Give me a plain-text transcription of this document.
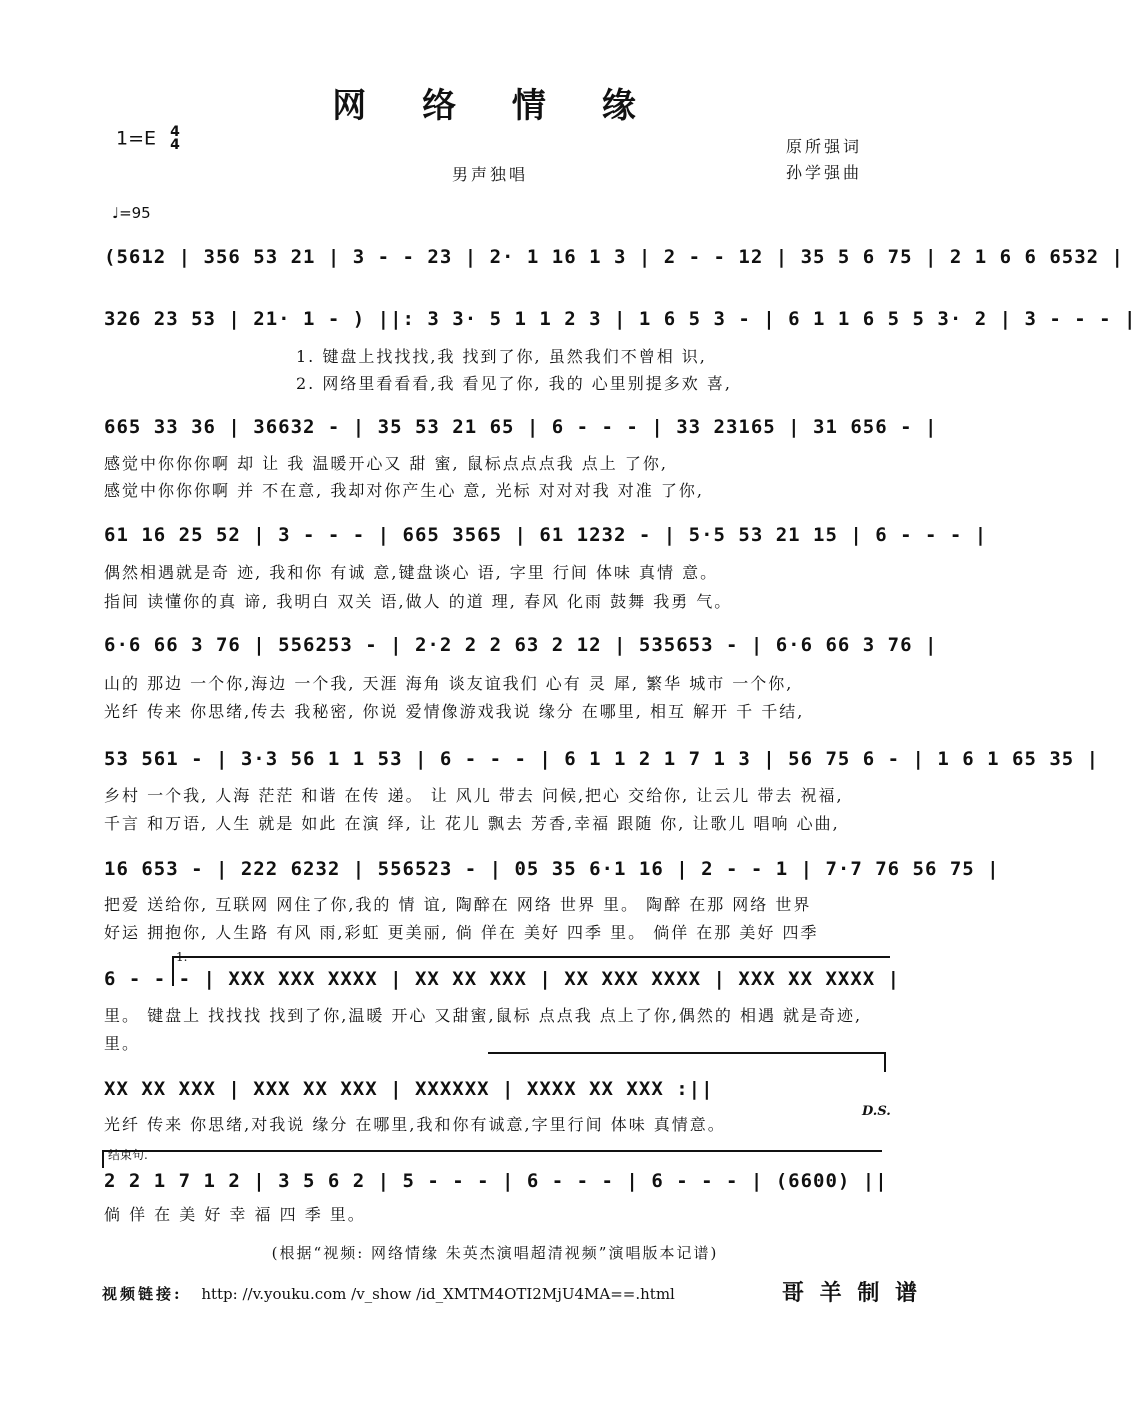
网 络 情 缘
1=E 4
4	原所强词
孙学强曲
男声独唱
♩=95
(5612 | 356 53 21 | 3 - - 23 | 2· 1 16 1 3 | 2 - - 12 | 35 5 6 75 | 2 1 6 6 6532 |
326 23 53 | 21· 1 - ) ||: 3 3· 5 1 1 2 3 | 1 6 5 3 - | 6 1 1 6 5 5 3· 2 | 3 - - - |
1. 键盘上找找找,我 找到了你, 虽然我们不曾相 识,
2. 网络里看看看,我 看见了你, 我的 心里别提多欢 喜,
665 33 36 | 36632 - | 35 53 21 65 | 6 - - - | 33 23165 | 31 656 - |
感觉中你你你啊 却 让 我 温暖开心又 甜 蜜, 鼠标点点点我 点上 了你,
感觉中你你你啊 并 不在意, 我却对你产生心 意, 光标 对对对我 对准 了你,
61 16 25 52 | 3 - - - | 665 3565 | 61 1232 - | 5·5 53 21 15 | 6 - - - |
偶然相遇就是奇 迹, 我和你 有诚 意,键盘谈心 语, 字里 行间 体味 真情 意。
指间 读懂你的真 谛, 我明白 双关 语,做人 的道 理, 春风 化雨 鼓舞 我勇 气。
6·6 66 3 76 | 556253 - | 2·2 2 2 63 2 12 | 535653 - | 6·6 66 3 76 |
山的 那边 一个你,海边 一个我, 天涯 海角 谈友谊我们 心有 灵 犀, 繁华 城市 一个你,
光纤 传来 你思绪,传去 我秘密, 你说 爱情像游戏我说 缘分 在哪里, 相互 解开 千 千结,
53 561 - | 3·3 56 1 1 53 | 6 - - - | 6 1 1 2 1 7 1 3 | 56 75 6 - | 1 6 1 65 35 |
乡村 一个我, 人海 茫茫 和谐 在传 递。 让 风儿 带去 问候,把心 交给你, 让云儿 带去 祝福,
千言 和万语, 人生 就是 如此 在演 绎, 让 花儿 飘去 芳香,幸福 跟随 你, 让歌儿 唱响 心曲,
16 653 - | 222 6232 | 556523 - | 05 35 6·1 16 | 2 - - 1 | 7·7 76 56 75 |
把爱 送给你, 互联网 网住了你,我的 情 谊, 陶醉在 网络 世界 里。 陶醉 在那 网络 世界
好运 拥抱你, 人生路 有风 雨,彩虹 更美丽, 倘 佯在 美好 四季 里。 倘佯 在那 美好 四季
1.
6 - - - | XXX XXX XXXX | XX XX XXX | XX XXX XXXX | XXX XX XXXX |
里。 键盘上 找找找 找到了你,温暖 开心 又甜蜜,鼠标 点点我 点上了你,偶然的 相遇 就是奇迹,
里。
XX XX XXX | XXX XX XXX | XXXXXX | XXXX XX XXX :||
光纤 传来 你思绪,对我说 缘分 在哪里,我和你有诚意,字里行间 体味 真情意。
D.S.
结束句.
2 2 1 7 1 2 | 3 5 6 2 | 5 - - - | 6 - - - | 6 - - - | (6600) ||
倘 佯 在 美 好 幸 福 四 季 里。
(根据“视频: 网络情缘 朱英杰演唱超清视频”演唱版本记谱)
视频链接: http: //v.youku.com /v_show /id_XMTM4OTI2MjU4MA==.html	哥 羊 制 谱
